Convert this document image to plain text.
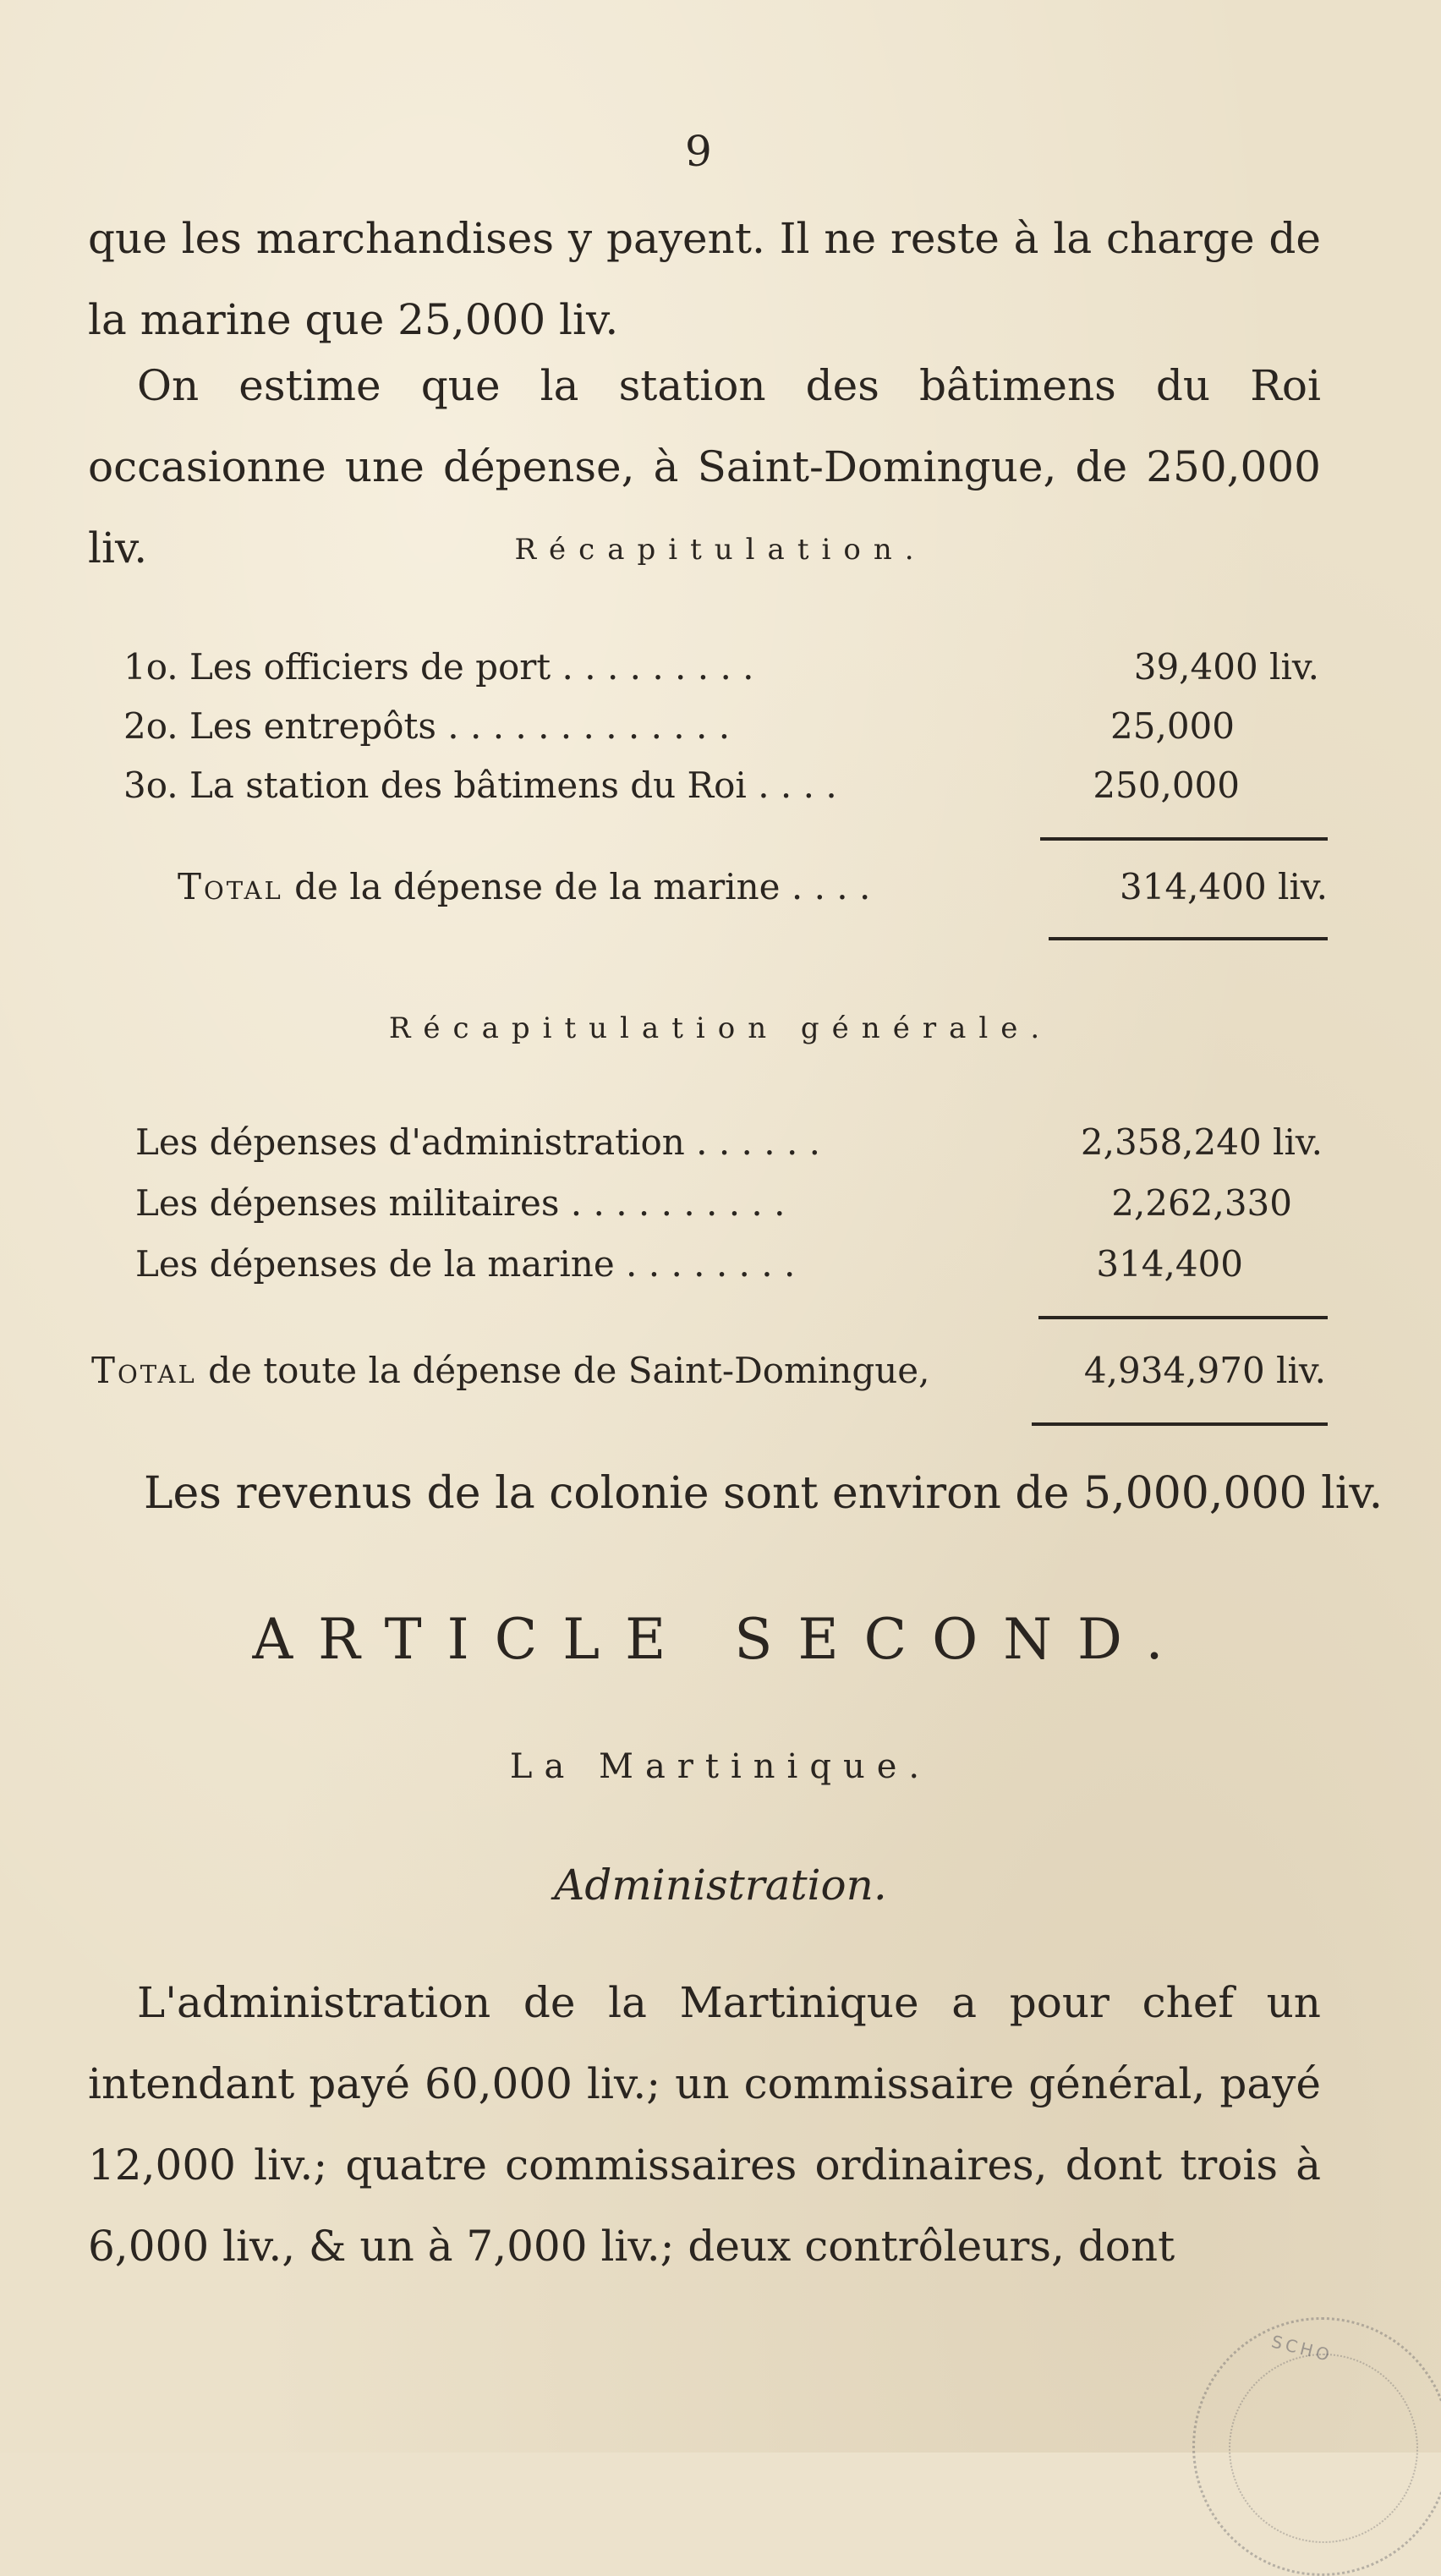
9

que les marchandises y payent. Il ne reste à la charge de la marine que 25,000 liv.

On estime que la station des bâtimens du Roi occasionne une dépense, à Saint-Domingue, de 250,000 liv.	Récapitulation.
1o. Les officiers de port . . . . . . . . .	39,400 liv.
2o. Les entrepôts . . . . . . . . . . . . .	25,000
3o. La station des bâtimens du Roi . . . .	250,000
Total de la dépense de la marine . . . .	314,400 liv.
Récapitulation générale.
Les dépenses d'administration . . . . . .	2,358,240 liv.
Les dépenses militaires . . . . . . . . . .	2,262,330
Les dépenses de la marine . . . . . . . .	314,400
Total de toute la dépense de Saint-Domingue,	4,934,970 liv.
Les revenus de la colonie sont environ de 5,000,000 liv.
ARTICLE SECOND.
La Martinique.
Administration.

L'administration de la Martinique a pour chef un intendant payé 60,000 liv.; un commissaire général, payé 12,000 liv.; quatre commissaires ordinaires, dont trois à 6,000 liv., & un à 7,000 liv.; deux contrôleurs, dont

SCHO
